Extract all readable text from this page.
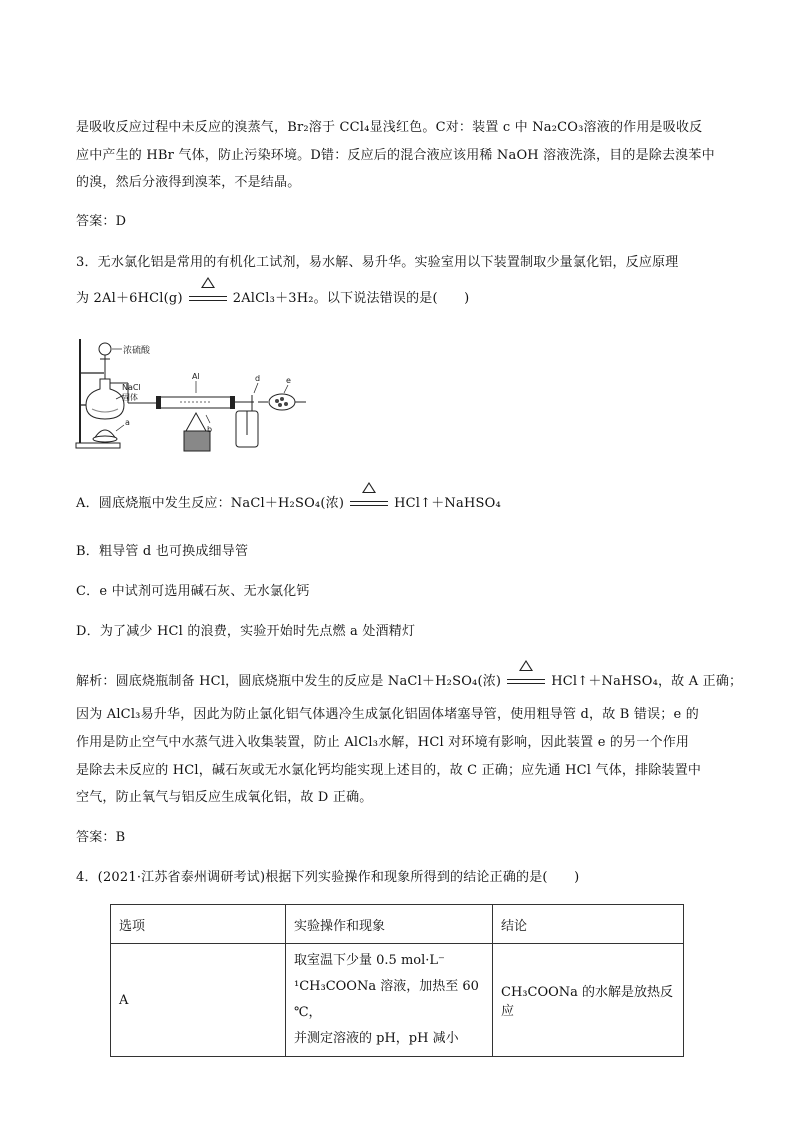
是吸收反应过程中未反应的溴蒸气，Br₂溶于 CCl₄显浅红色。C对：装置 c 中 Na₂CO₃溶液的作用是吸收反
应中产生的 HBr 气体，防止污染环境。D错：反应后的混合液应该用稀 NaOH 溶液洗涤，目的是除去溴苯中
的溴，然后分液得到溴苯，不是结晶。
答案：D
3．无水氯化铝是常用的有机化工试剂，易水解、易升华。实验室用以下装置制取少量氯化铝，反应原理
为 2Al＋6HCl(g)	2AlCl₃＋3H₂。以下说法错误的是(　　)
浓硫酸
NaCl
固体
Al
a
b
d	e
A．圆底烧瓶中发生反应：NaCl＋H₂SO₄(浓)	HCl↑＋NaHSO₄
B．粗导管 d 也可换成细导管
C．e 中试剂可选用碱石灰、无水氯化钙
D．为了减少 HCl 的浪费，实验开始时先点燃 a 处酒精灯
解析：圆底烧瓶制备 HCl，圆底烧瓶中发生的反应是 NaCl＋H₂SO₄(浓)	HCl↑＋NaHSO₄，故 A 正确；
因为 AlCl₃易升华，因此为防止氯化铝气体遇冷生成氯化铝固体堵塞导管，使用粗导管 d，故 B 错误；e 的
作用是防止空气中水蒸气进入收集装置，防止 AlCl₃水解，HCl 对环境有影响，因此装置 e 的另一个作用
是除去未反应的 HCl，碱石灰或无水氯化钙均能实现上述目的，故 C 正确；应先通 HCl 气体，排除装置中
空气，防止氧气与铝反应生成氧化铝，故 D 正确。
答案：B
4．(2021·江苏省泰州调研考试)根据下列实验操作和现象所得到的结论正确的是(　　)
选项	实验操作和现象	结论
A	取室温下少量 0.5 mol·L⁻
¹CH₃COONa 溶液，加热至 60 ℃，
并测定溶液的 pH，pH 减小	CH₃COONa 的水解是放热反应
